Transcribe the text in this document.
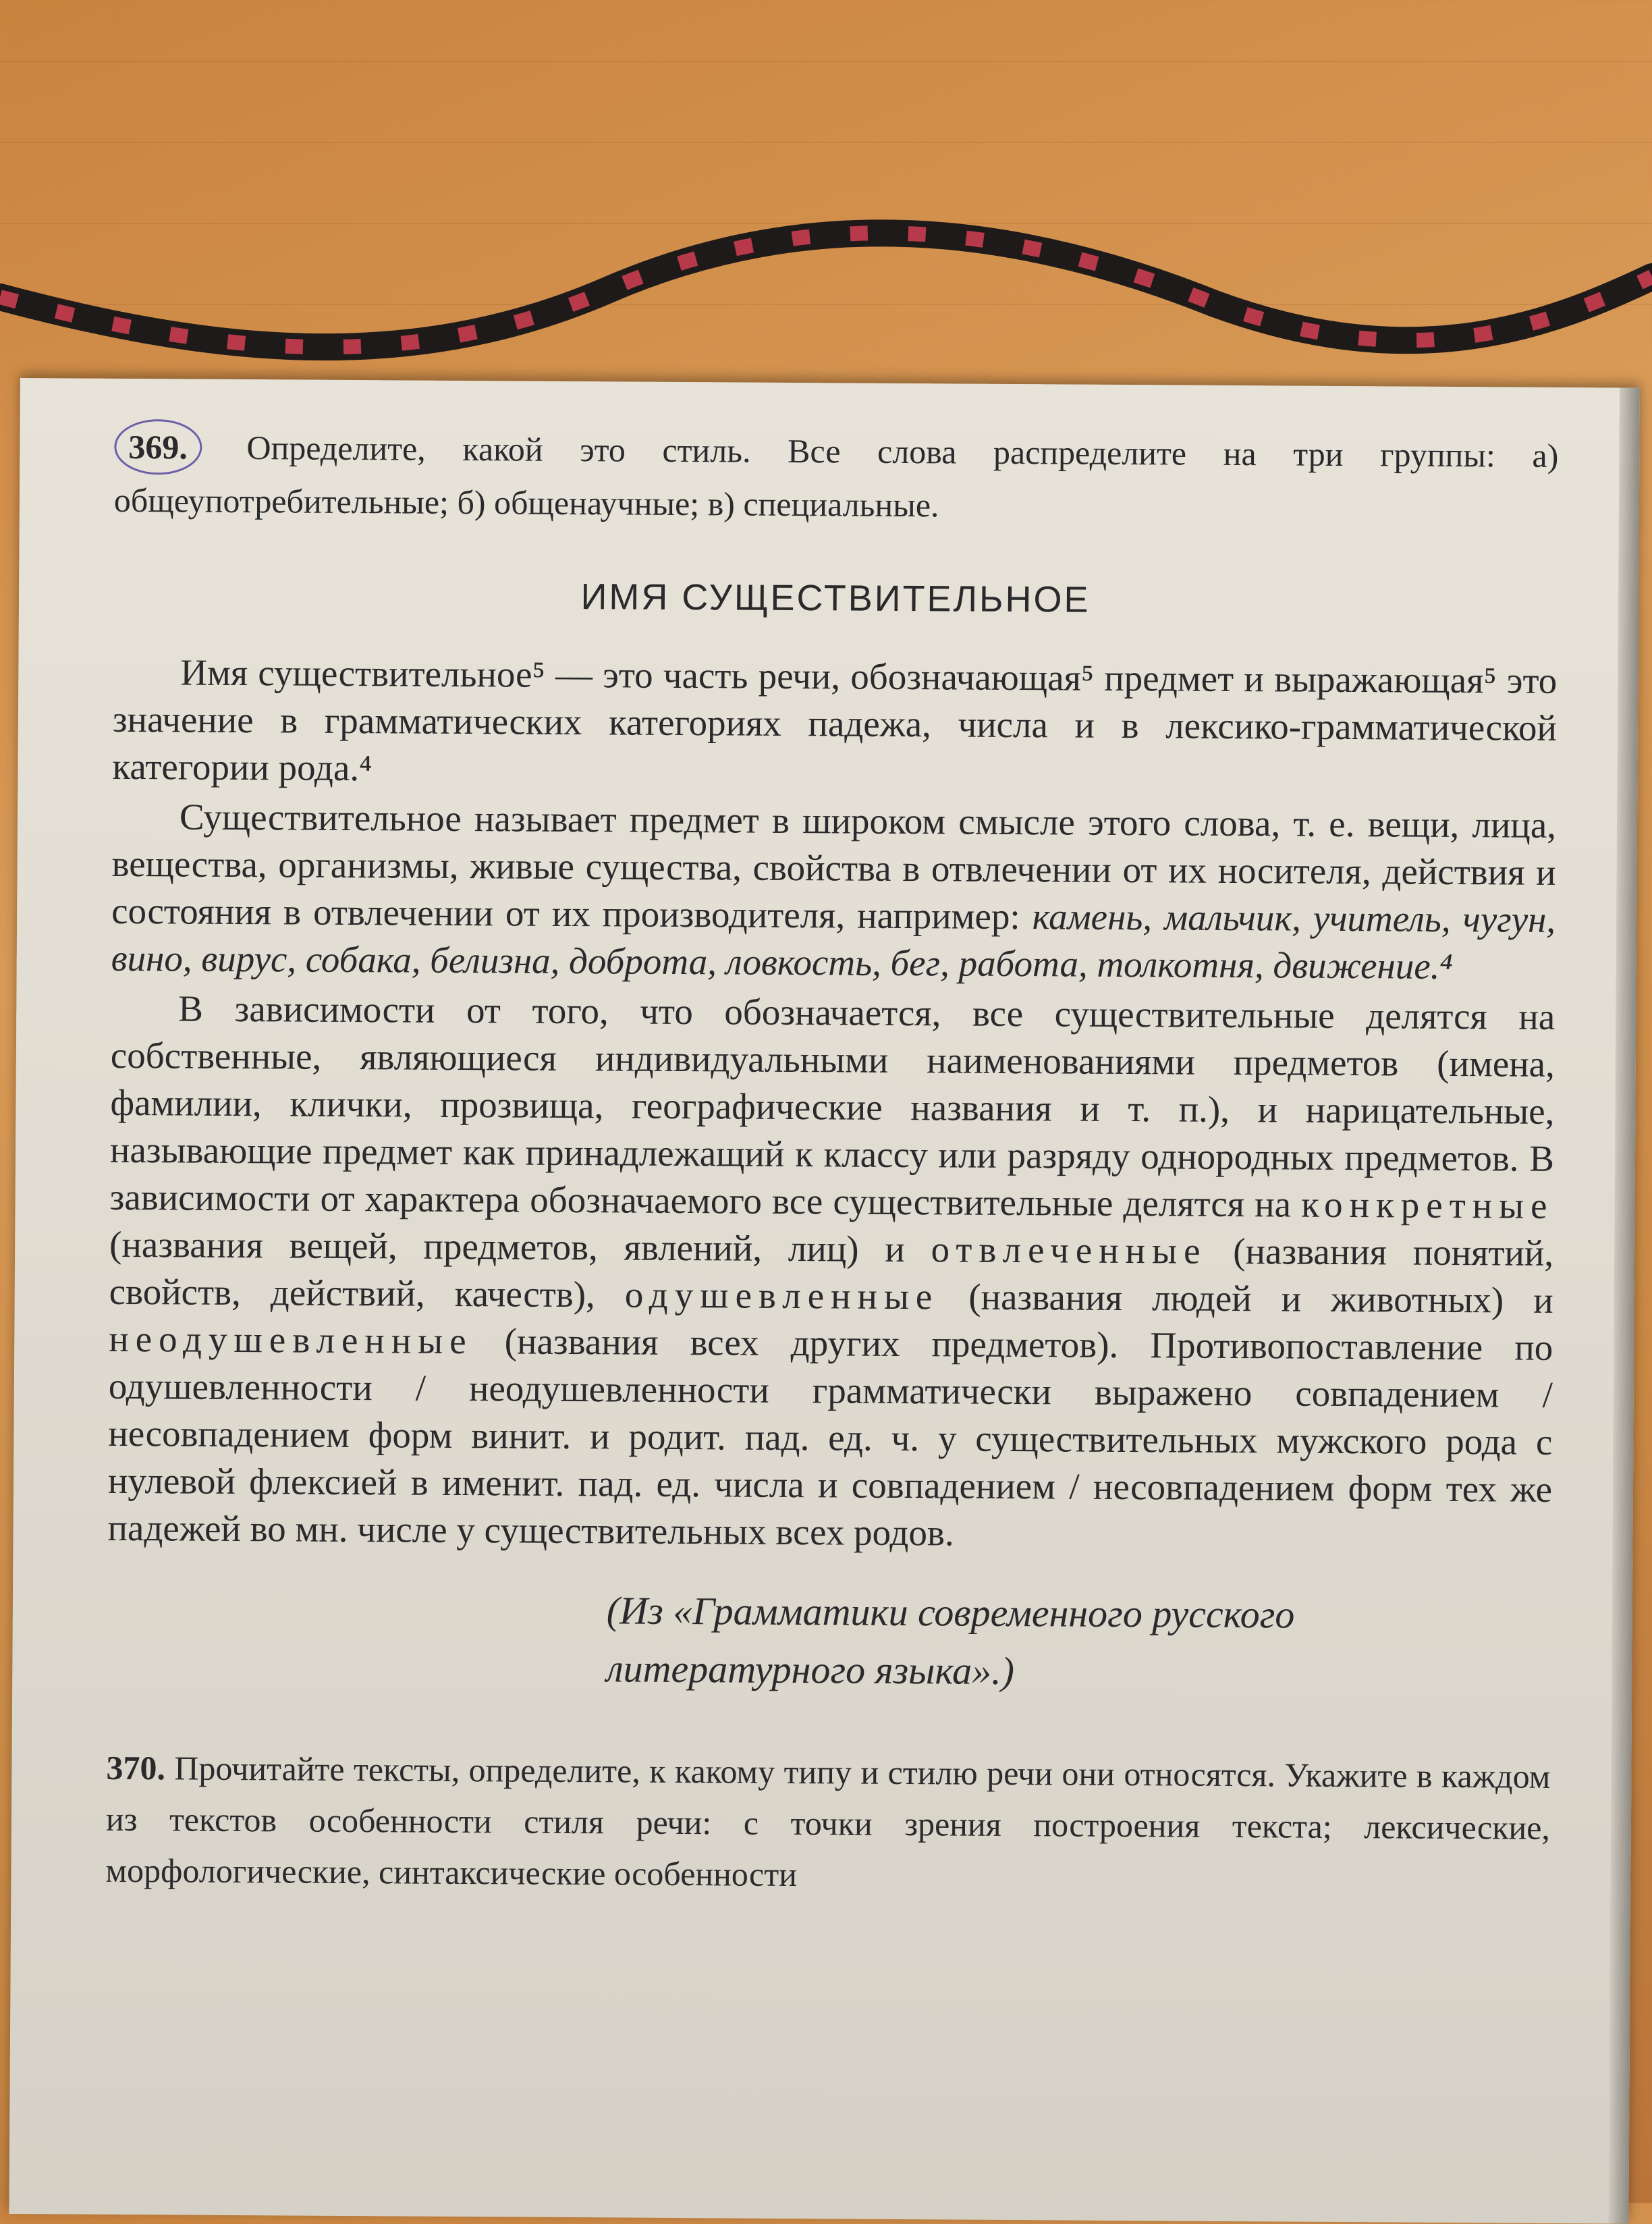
369. Определите, какой это стиль. Все слова распределите на три группы: а) общеупотребительные; б) общенаучные; в) специальные.

ИМЯ СУЩЕСТВИТЕЛЬНОЕ

Имя существительное⁵ — это часть речи, обозначающая⁵ предмет и выражающая⁵ это значение в грамматических категориях падежа, числа и в лексико-грамматической категории рода.⁴

Существительное называет предмет в широком смысле этого слова, т. е. вещи, лица, вещества, организмы, живые существа, свойства в отвлечении от их носителя, действия и состояния в отвлечении от их производителя, например: камень, мальчик, учитель, чугун, вино, вирус, собака, белизна, доброта, ловкость, бег, работа, толкотня, движение.⁴

В зависимости от того, что обозначается, все существительные делятся на собственные, являющиеся индивидуальными наименованиями предметов (имена, фамилии, клички, прозвища, географические названия и т. п.), и нарицательные, называющие предмет как принадлежащий к классу или разряду однородных предметов. В зависимости от характера обозначаемого все существительные делятся на конкретные (названия вещей, предметов, явлений, лиц) и отвлеченные (названия понятий, свойств, действий, качеств), одушевленные (названия людей и животных) и неодушевленные (названия всех других предметов). Противопоставление по одушевленности / неодушевленности грамматически выражено совпадением / несовпадением форм винит. и родит. пад. ед. ч. у существительных мужского рода с нулевой флексией в именит. пад. ед. числа и совпадением / несовпадением форм тех же падежей во мн. числе у существительных всех родов.

(Из «Грамматики современного русского
литературного языка».)

370. Прочитайте тексты, определите, к какому типу и стилю речи они относятся. Укажите в каждом из текстов особенности стиля речи: с точки зрения построения текста; лексические, морфологические, синтаксические особенности
